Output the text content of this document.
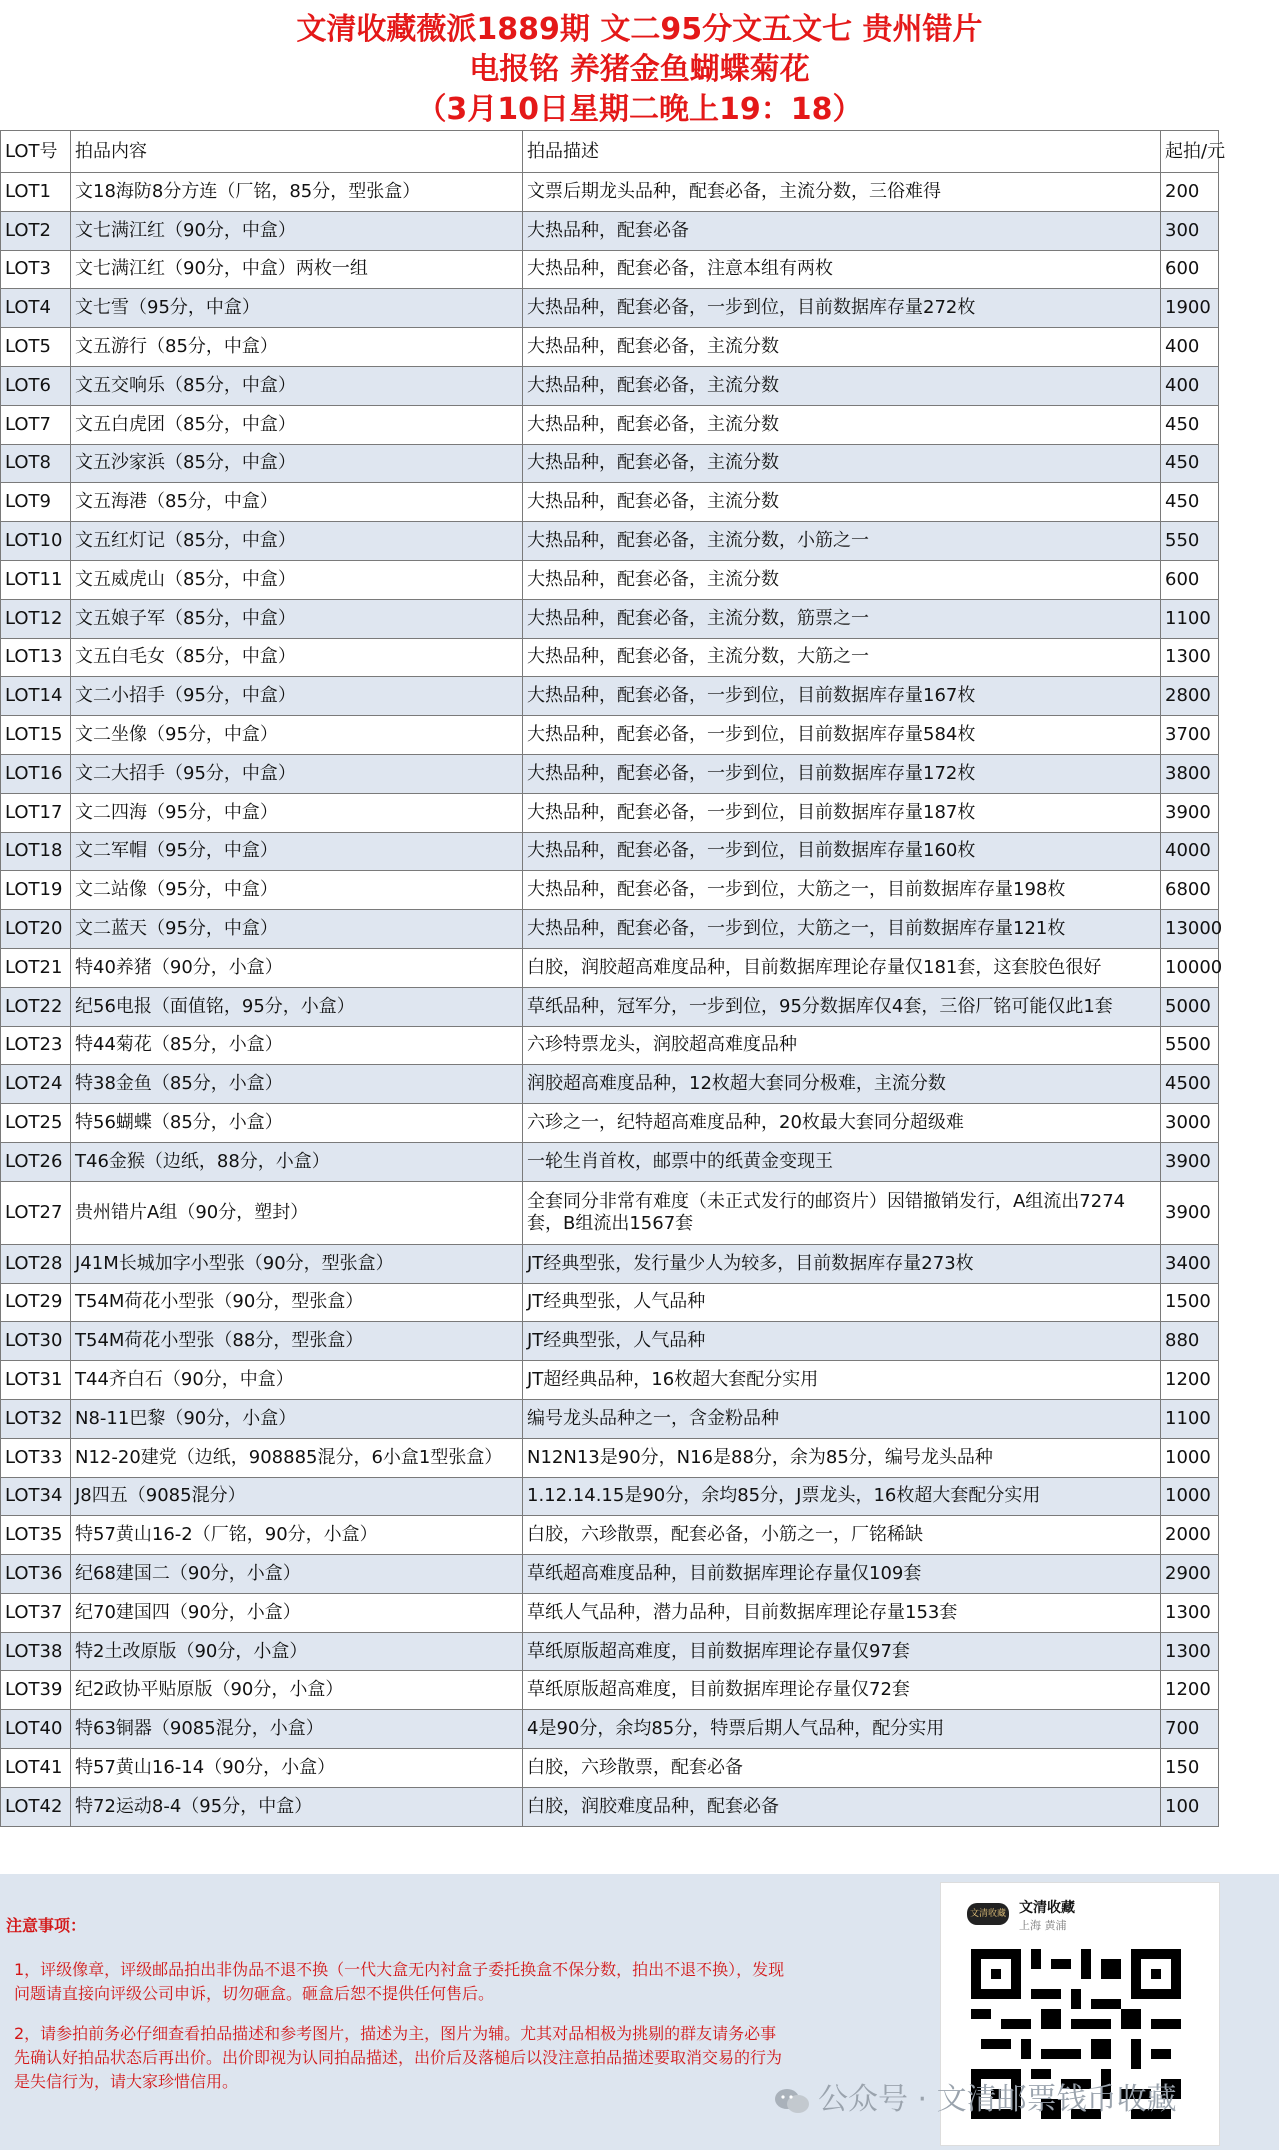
文清收藏薇派1889期 文二95分文五文七 贵州错片
电报铭 养猪金鱼蝴蝶菊花
（3月10日星期二晚上19：18）
LOT号	拍品内容	拍品描述	起拍/元
LOT1	文18海防8分方连（厂铭，85分，型张盒）	文票后期龙头品种，配套必备，主流分数，三俗难得	200
LOT2	文七满江红（90分，中盒）	大热品种，配套必备	300
LOT3	文七满江红（90分，中盒）两枚一组	大热品种，配套必备，注意本组有两枚	600
LOT4	文七雪（95分，中盒）	大热品种，配套必备，一步到位，目前数据库存量272枚	1900
LOT5	文五游行（85分，中盒）	大热品种，配套必备，主流分数	400
LOT6	文五交响乐（85分，中盒）	大热品种，配套必备，主流分数	400
LOT7	文五白虎团（85分，中盒）	大热品种，配套必备，主流分数	450
LOT8	文五沙家浜（85分，中盒）	大热品种，配套必备，主流分数	450
LOT9	文五海港（85分，中盒）	大热品种，配套必备，主流分数	450
LOT10	文五红灯记（85分，中盒）	大热品种，配套必备，主流分数，小筋之一	550
LOT11	文五威虎山（85分，中盒）	大热品种，配套必备，主流分数	600
LOT12	文五娘子军（85分，中盒）	大热品种，配套必备，主流分数，筋票之一	1100
LOT13	文五白毛女（85分，中盒）	大热品种，配套必备，主流分数，大筋之一	1300
LOT14	文二小招手（95分，中盒）	大热品种，配套必备，一步到位，目前数据库存量167枚	2800
LOT15	文二坐像（95分，中盒）	大热品种，配套必备，一步到位，目前数据库存量584枚	3700
LOT16	文二大招手（95分，中盒）	大热品种，配套必备，一步到位，目前数据库存量172枚	3800
LOT17	文二四海（95分，中盒）	大热品种，配套必备，一步到位，目前数据库存量187枚	3900
LOT18	文二军帽（95分，中盒）	大热品种，配套必备，一步到位，目前数据库存量160枚	4000
LOT19	文二站像（95分，中盒）	大热品种，配套必备，一步到位，大筋之一，目前数据库存量198枚	6800
LOT20	文二蓝天（95分，中盒）	大热品种，配套必备，一步到位，大筋之一，目前数据库存量121枚	13000
LOT21	特40养猪（90分，小盒）	白胶，润胶超高难度品种，目前数据库理论存量仅181套，这套胶色很好	10000
LOT22	纪56电报（面值铭，95分，小盒）	草纸品种，冠军分，一步到位，95分数据库仅4套，三俗厂铭可能仅此1套	5000
LOT23	特44菊花（85分，小盒）	六珍特票龙头，润胶超高难度品种	5500
LOT24	特38金鱼（85分，小盒）	润胶超高难度品种，12枚超大套同分极难，主流分数	4500
LOT25	特56蝴蝶（85分，小盒）	六珍之一，纪特超高难度品种，20枚最大套同分超级难	3000
LOT26	T46金猴（边纸，88分，小盒）	一轮生肖首枚，邮票中的纸黄金变现王	3900
LOT27	贵州错片A组（90分，塑封）	全套同分非常有难度（未正式发行的邮资片）因错撤销发行，A组流出7274套，B组流出1567套	3900
LOT28	J41M长城加字小型张（90分，型张盒）	JT经典型张，发行量少人为较多，目前数据库存量273枚	3400
LOT29	T54M荷花小型张（90分，型张盒）	JT经典型张，人气品种	1500
LOT30	T54M荷花小型张（88分，型张盒）	JT经典型张，人气品种	880
LOT31	T44齐白石（90分，中盒）	JT超经典品种，16枚超大套配分实用	1200
LOT32	N8-11巴黎（90分，小盒）	编号龙头品种之一，含金粉品种	1100
LOT33	N12-20建党（边纸，908885混分，6小盒1型张盒）	N12N13是90分，N16是88分，余为85分，编号龙头品种	1000
LOT34	J8四五（9085混分）	1.12.14.15是90分，余均85分，J票龙头，16枚超大套配分实用	1000
LOT35	特57黄山16-2（厂铭，90分，小盒）	白胶，六珍散票，配套必备，小筋之一，厂铭稀缺	2000
LOT36	纪68建国二（90分，小盒）	草纸超高难度品种，目前数据库理论存量仅109套	2900
LOT37	纪70建国四（90分，小盒）	草纸人气品种，潜力品种，目前数据库理论存量153套	1300
LOT38	特2土改原版（90分，小盒）	草纸原版超高难度，目前数据库理论存量仅97套	1300
LOT39	纪2政协平贴原版（90分，小盒）	草纸原版超高难度，目前数据库理论存量仅72套	1200
LOT40	特63铜器（9085混分，小盒）	4是90分，余均85分，特票后期人气品种，配分实用	700
LOT41	特57黄山16-14（90分，小盒）	白胶，六珍散票，配套必备	150
LOT42	特72运动8-4（95分，中盒）	白胶，润胶难度品种，配套必备	100
注意事项：

1，评级像章，评级邮品拍出非伪品不退不换（一代大盒无内衬盒子委托换盒不保分数，拍出不退不换），发现问题请直接向评级公司申诉，切勿砸盒。砸盒后恕不提供任何售后。

2，请参拍前务必仔细查看拍品描述和参考图片，描述为主，图片为辅。尤其对品相极为挑剔的群友请务必事先确认好拍品状态后再出价。出价即视为认同拍品描述，出价后及落槌后以没注意拍品描述要取消交易的行为是失信行为，请大家珍惜信用。

文清收藏 文清收藏
上海 黄浦
公众号 · 文清邮票钱币收藏
